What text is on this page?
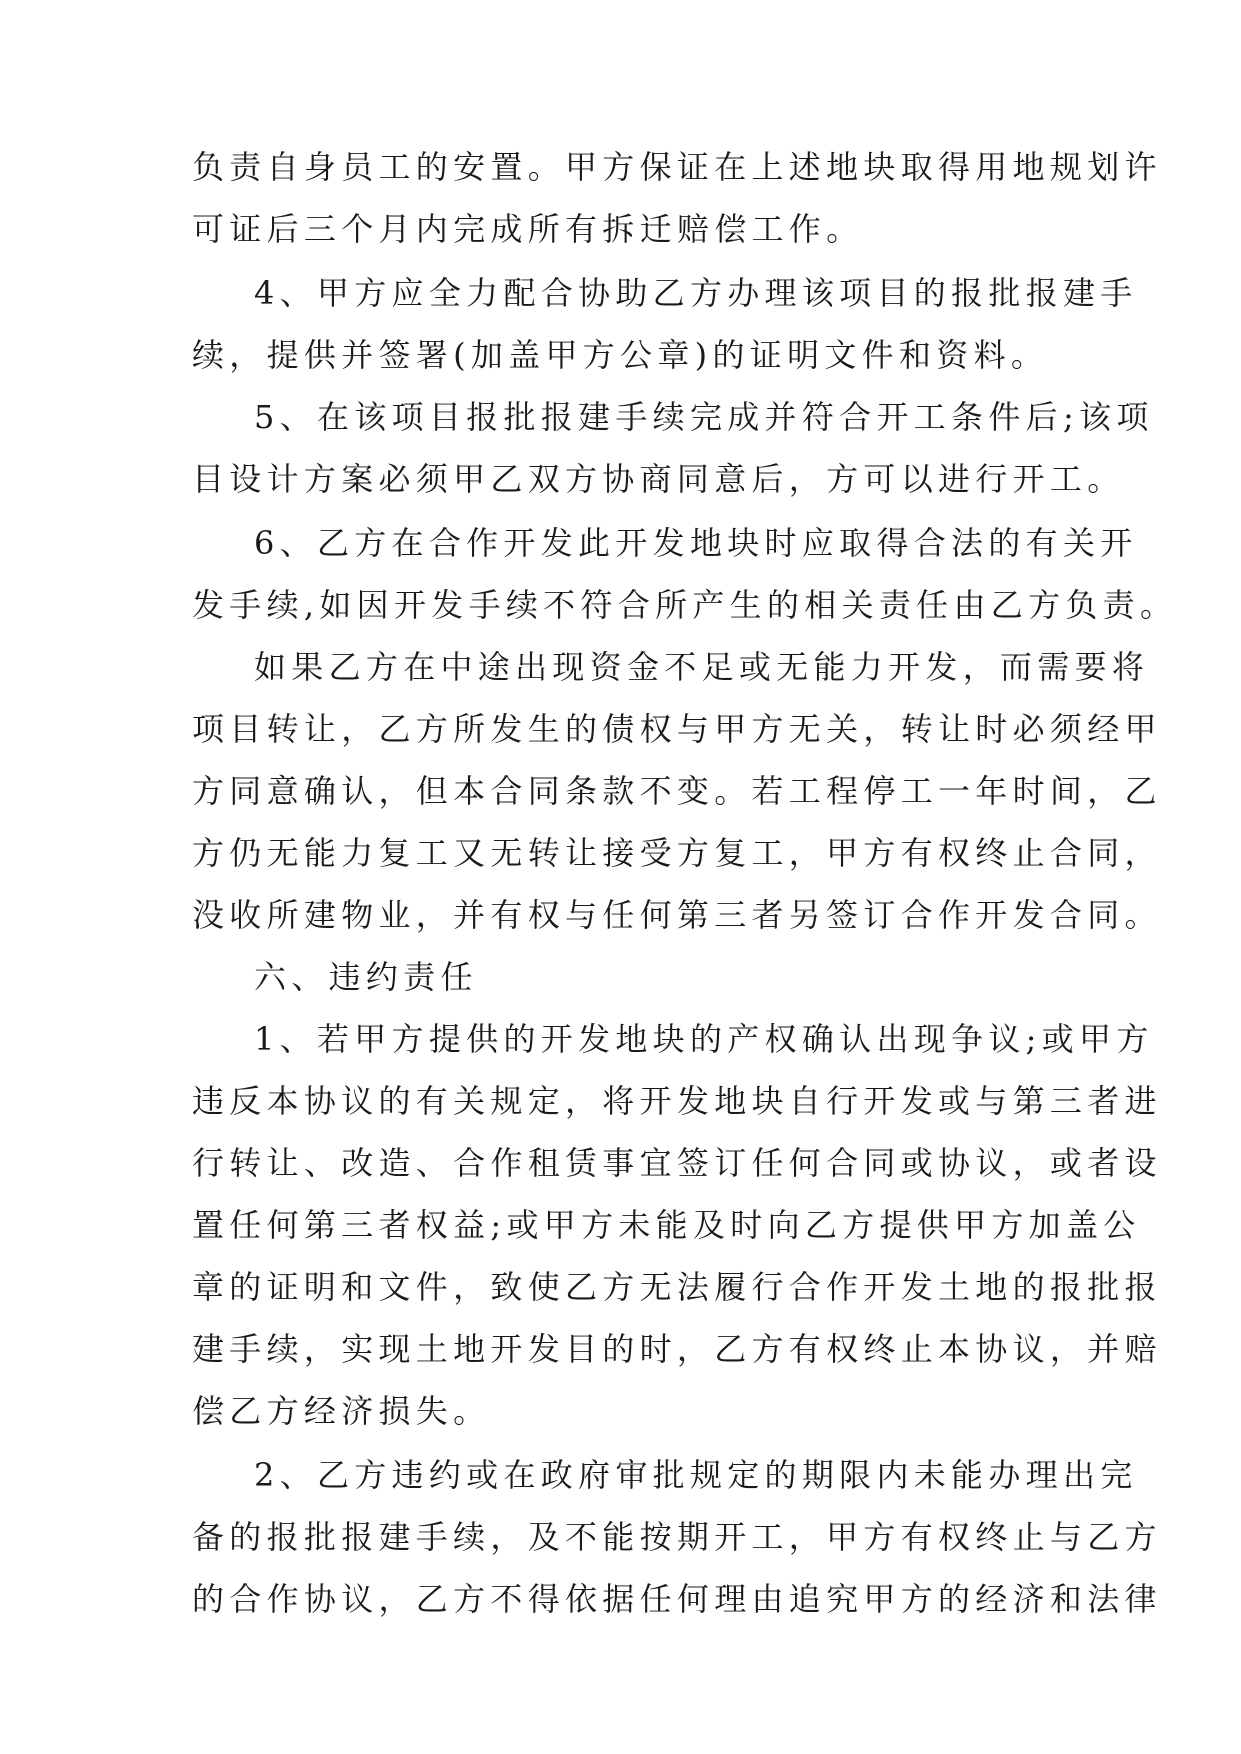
负责自身员工的安置。甲方保证在上述地块取得用地规划许
可证后三个月内完成所有拆迁赔偿工作。
4、甲方应全力配合协助乙方办理该项目的报批报建手
续，提供并签署(加盖甲方公章)的证明文件和资料。
5、在该项目报批报建手续完成并符合开工条件后;该项
目设计方案必须甲乙双方协商同意后，方可以进行开工。
6、乙方在合作开发此开发地块时应取得合法的有关开
发手续,如因开发手续不符合所产生的相关责任由乙方负责。
如果乙方在中途出现资金不足或无能力开发，而需要将
项目转让，乙方所发生的债权与甲方无关，转让时必须经甲
方同意确认，但本合同条款不变。若工程停工一年时间，乙
方仍无能力复工又无转让接受方复工，甲方有权终止合同，
没收所建物业，并有权与任何第三者另签订合作开发合同。
六、违约责任
1、若甲方提供的开发地块的产权确认出现争议;或甲方
违反本协议的有关规定，将开发地块自行开发或与第三者进
行转让、改造、合作租赁事宜签订任何合同或协议，或者设
置任何第三者权益;或甲方未能及时向乙方提供甲方加盖公
章的证明和文件，致使乙方无法履行合作开发土地的报批报
建手续，实现土地开发目的时，乙方有权终止本协议，并赔
偿乙方经济损失。
2、乙方违约或在政府审批规定的期限内未能办理出完
备的报批报建手续，及不能按期开工，甲方有权终止与乙方
的合作协议，乙方不得依据任何理由追究甲方的经济和法律
